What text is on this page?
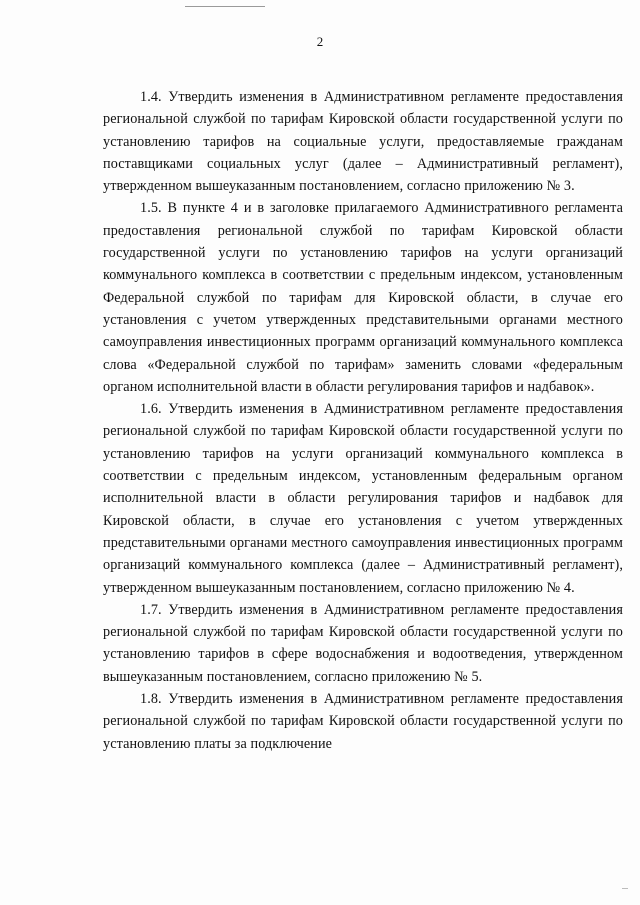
2

1.4. Утвердить изменения в Административном регламенте предоставления региональной службой по тарифам Кировской области государственной услуги по установлению тарифов на социальные услуги, предоставляемые гражданам поставщиками социальных услуг (далее – Административный регламент), утвержденном вышеуказанным постановлением, согласно приложению № 3.

1.5. В пункте 4 и в заголовке прилагаемого Административного регламента предоставления региональной службой по тарифам Кировской области государственной услуги по установлению тарифов на услуги организаций коммунального комплекса в соответствии с предельным индексом, установленным Федеральной службой по тарифам для Кировской области, в случае его установления с учетом утвержденных представительными органами местного самоуправления инвестиционных программ организаций коммунального комплекса слова «Федеральной службой по тарифам» заменить словами «федеральным органом исполнительной власти в области регулирования тарифов и надбавок».

1.6. Утвердить изменения в Административном регламенте предоставления региональной службой по тарифам Кировской области государственной услуги по установлению тарифов на услуги организаций коммунального комплекса в соответствии с предельным индексом, установленным федеральным органом исполнительной власти в области регулирования тарифов и надбавок для Кировской области, в случае его установления с учетом утвержденных представительными органами местного самоуправления инвестиционных программ организаций коммунального комплекса (далее – Административный регламент), утвержденном вышеуказанным постановлением, согласно приложению № 4.

1.7. Утвердить изменения в Административном регламенте предоставления региональной службой по тарифам Кировской области государственной услуги по установлению тарифов в сфере водоснабжения и водоотведения, утвержденном вышеуказанным постановлением, согласно приложению № 5.

1.8. Утвердить изменения в Административном регламенте предоставления региональной службой по тарифам Кировской области государственной услуги по установлению платы за подключение
